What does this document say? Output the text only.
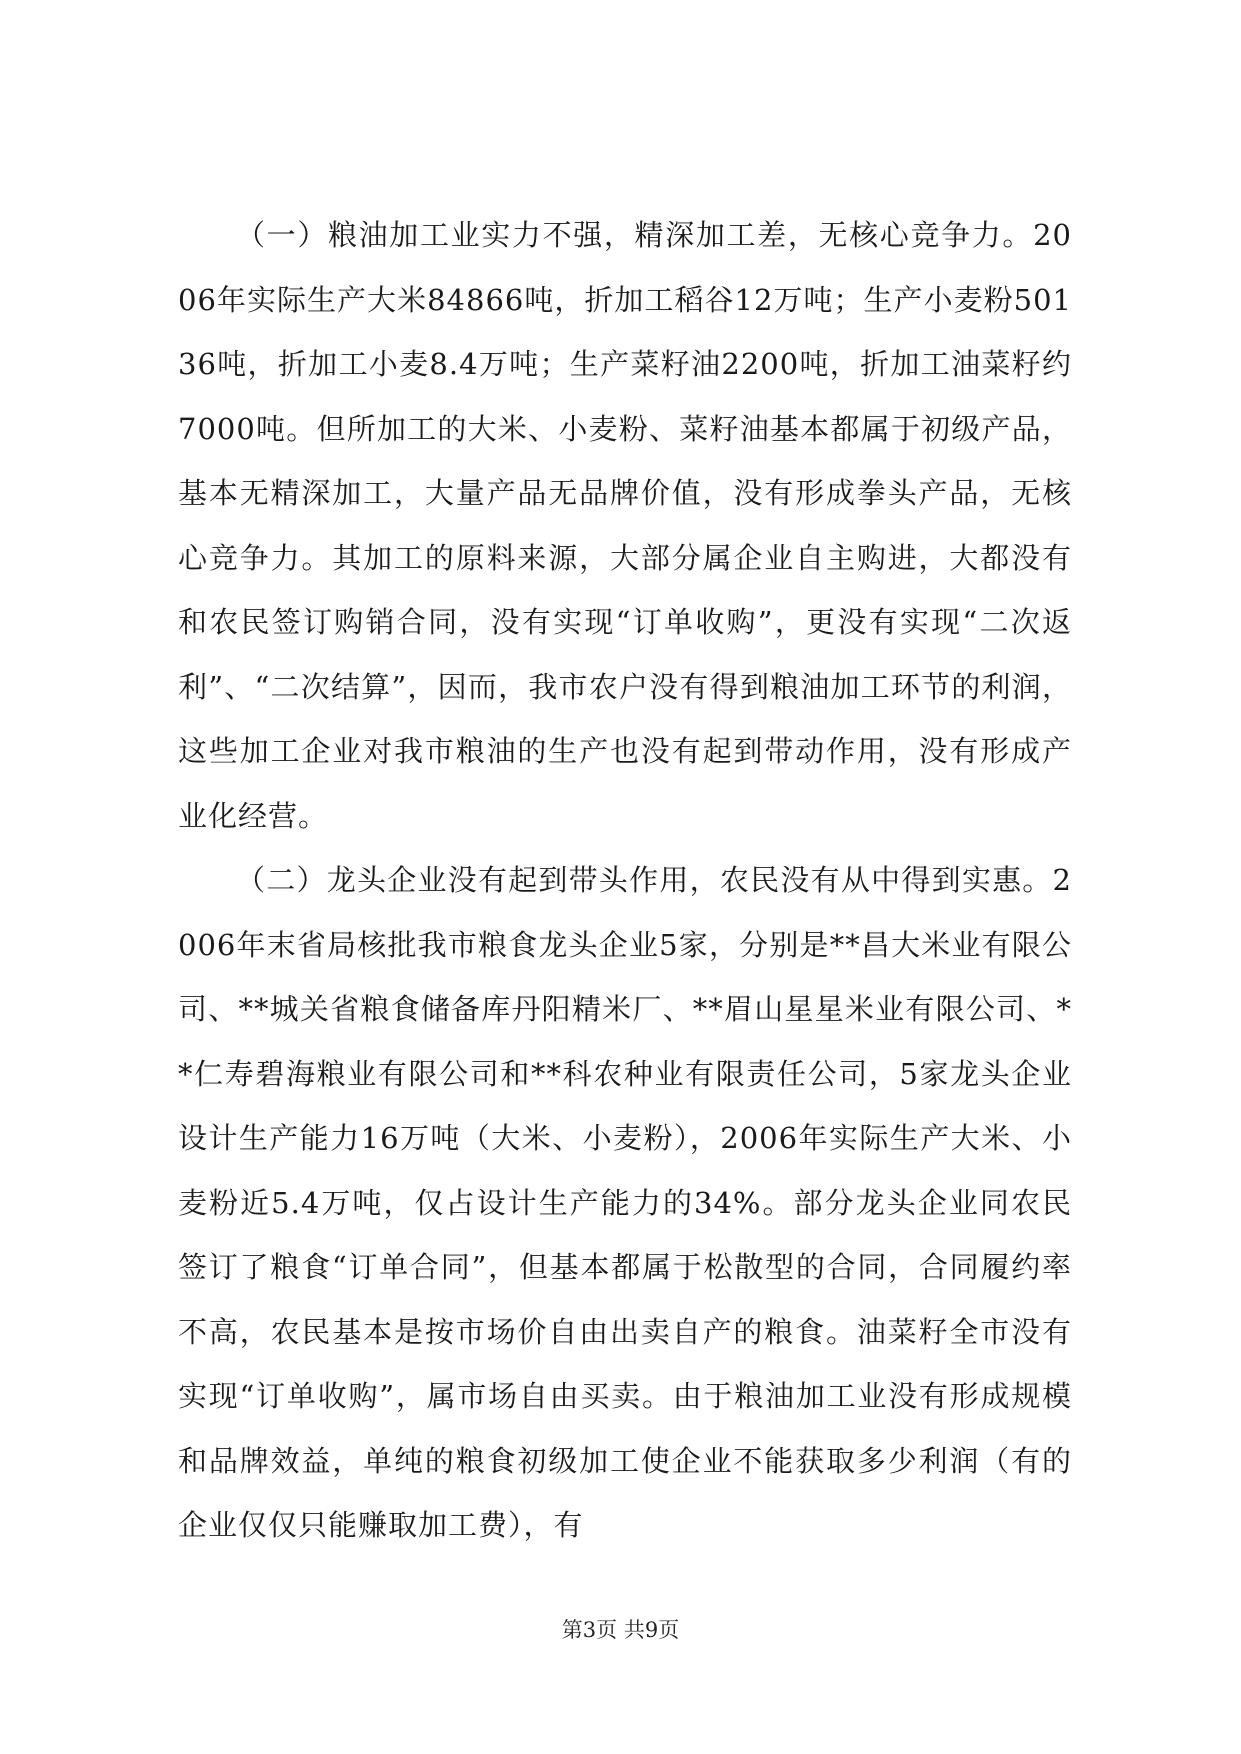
（一）粮油加工业实力不强，精深加工差，无核心竞争力。2006年实际生产大米84866吨，折加工稻谷12万吨；生产小麦粉50136吨，折加工小麦8.4万吨；生产菜籽油2200吨，折加工油菜籽约7000吨。但所加工的大米、小麦粉、菜籽油基本都属于初级产品，基本无精深加工，大量产品无品牌价值，没有形成拳头产品，无核心竞争力。其加工的原料来源，大部分属企业自主购进，大都没有和农民签订购销合同，没有实现“订单收购”，更没有实现“二次返利”、“二次结算”，因而，我市农户没有得到粮油加工环节的利润，这些加工企业对我市粮油的生产也没有起到带动作用，没有形成产业化经营。

（二）龙头企业没有起到带头作用，农民没有从中得到实惠。2006年末省局核批我市粮食龙头企业5家，分别是**昌大米业有限公司、**城关省粮食储备库丹阳精米厂、**眉山星星米业有限公司、**仁寿碧海粮业有限公司和**科农种业有限责任公司，5家龙头企业设计生产能力16万吨（大米、小麦粉），2006年实际生产大米、小麦粉近5.4万吨，仅占设计生产能力的34%。部分龙头企业同农民签订了粮食“订单合同”，但基本都属于松散型的合同，合同履约率不高，农民基本是按市场价自由出卖自产的粮食。油菜籽全市没有实现“订单收购”，属市场自由买卖。由于粮油加工业没有形成规模和品牌效益，单纯的粮食初级加工使企业不能获取多少利润（有的企业仅仅只能赚取加工费），有

第3页 共9页
